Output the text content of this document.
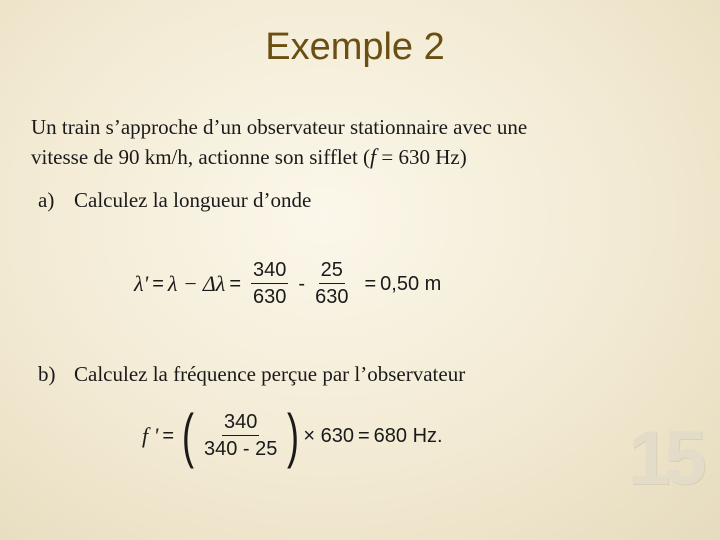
Exemple 2
Un train s’approche d’un observateur stationnaire avec une
vitesse de 90 km/h, actionne son sifflet (f = 630 Hz)
a) Calculez la longueur d’onde
$\lambda' = \lambda - \Delta\lambda = \frac{340}{630} - \frac{25}{630} = 0,50$ m
b) Calculez la fréquence perçue par l’observateur
f ' = ( $\frac{340}{340 - 25}$ ) × 630 = 680 Hz. 15
